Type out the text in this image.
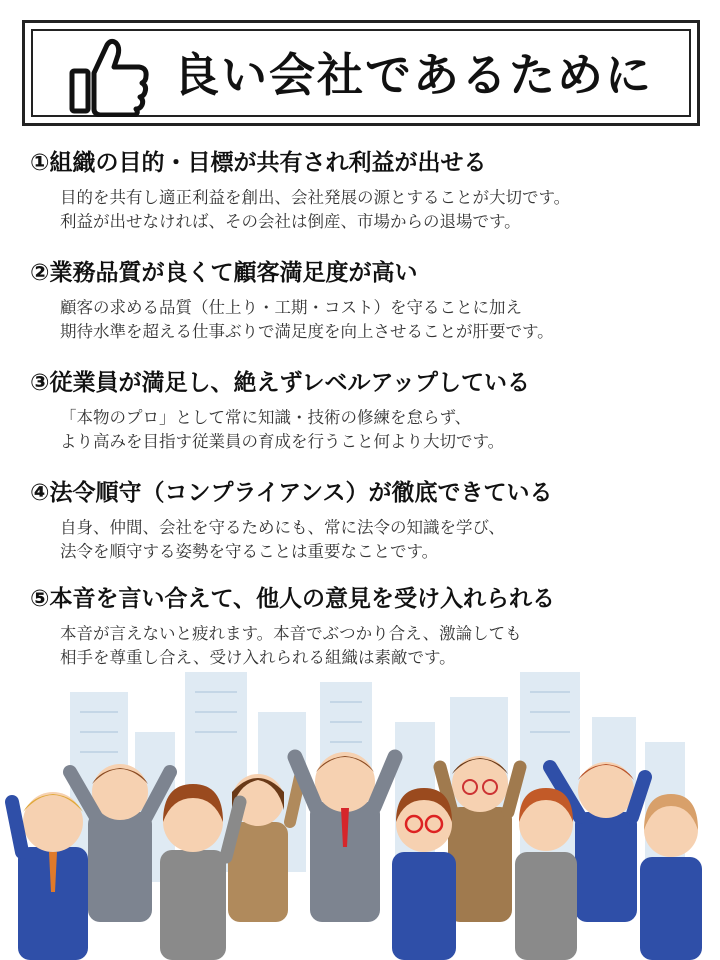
良い会社であるために
①組織の目的・目標が共有され利益が出せる
目的を共有し適正利益を創出、会社発展の源とすることが大切です。
利益が出せなければ、その会社は倒産、市場からの退場です。
②業務品質が良くて顧客満足度が高い
顧客の求める品質（仕上り・工期・コスト）を守ることに加え
期待水準を超える仕事ぶりで満足度を向上させることが肝要です。
③従業員が満足し、絶えずレベルアップしている
「本物のプロ」として常に知識・技術の修練を怠らず、
より高みを目指す従業員の育成を行うこと何より大切です。
④法令順守（コンプライアンス）が徹底できている
自身、仲間、会社を守るためにも、常に法令の知識を学び、
法令を順守する姿勢を守ることは重要なことです。
⑤本音を言い合えて、他人の意見を受け入れられる
本音が言えないと疲れます。本音でぶつかり合え、激論しても
相手を尊重し合え、受け入れられる組織は素敵です。
